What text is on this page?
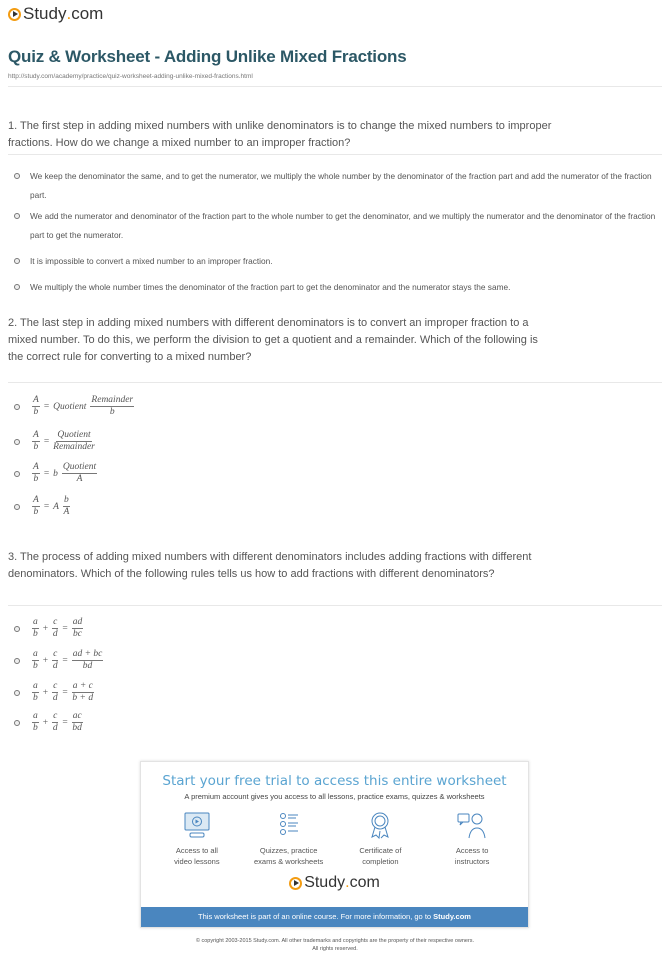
Study . com
Quiz & Worksheet - Adding Unlike Mixed Fractions
http://study.com/academy/practice/quiz-worksheet-adding-unlike-mixed-fractions.html
1. The first step in adding mixed numbers with unlike denominators is to change the mixed numbers to improper fractions. How do we change a mixed number to an improper fraction?
We keep the denominator the same, and to get the numerator, we multiply the whole number by the denominator of the fraction part and add the numerator of the fraction part.
We add the numerator and denominator of the fraction part to the whole number to get the denominator, and we multiply the numerator and the denominator of the fraction part to get the numerator.
It is impossible to convert a mixed number to an improper fraction.
We multiply the whole number times the denominator of the fraction part to get the denominator and the numerator stays the same.
2. The last step in adding mixed numbers with different denominators is to convert an improper fraction to a mixed number. To do this, we perform the division to get a quotient and a remainder. Which of the following is the correct rule for converting to a mixed number?
$\frac{A}{b}$ = Quotient $\frac{\text{Remainder}}{b}$
$\frac{A}{b} = \frac{\text{Quotient}}{\text{Remainder}}$
$\frac{A}{b} = b \frac{\text{Quotient}}{A}$
$\frac{A}{b} = A \frac{b}{A}$
3. The process of adding mixed numbers with different denominators includes adding fractions with different denominators. Which of the following rules tells us how to add fractions with different denominators?
$\frac{a}{b} + \frac{c}{d} = \frac{ad}{bc}$
$\frac{a}{b} + \frac{c}{d} = \frac{ad + bc}{bd}$
$\frac{a}{b} + \frac{c}{d} = \frac{a + c}{b + d}$
$\frac{a}{b} + \frac{c}{d} = \frac{ac}{bd}$
Start your free trial to access this entire worksheet
A premium account gives you access to all lessons, practice exams, quizzes & worksheets
Access to all
video lessons
Quizzes, practice
exams & worksheets
Certificate of
completion
Access to
instructors
Study . com
This worksheet is part of an online course. For more information, go to Study.com
© copyright 2003-2015 Study.com. All other trademarks and copyrights are the property of their respective owners.
All rights reserved.
